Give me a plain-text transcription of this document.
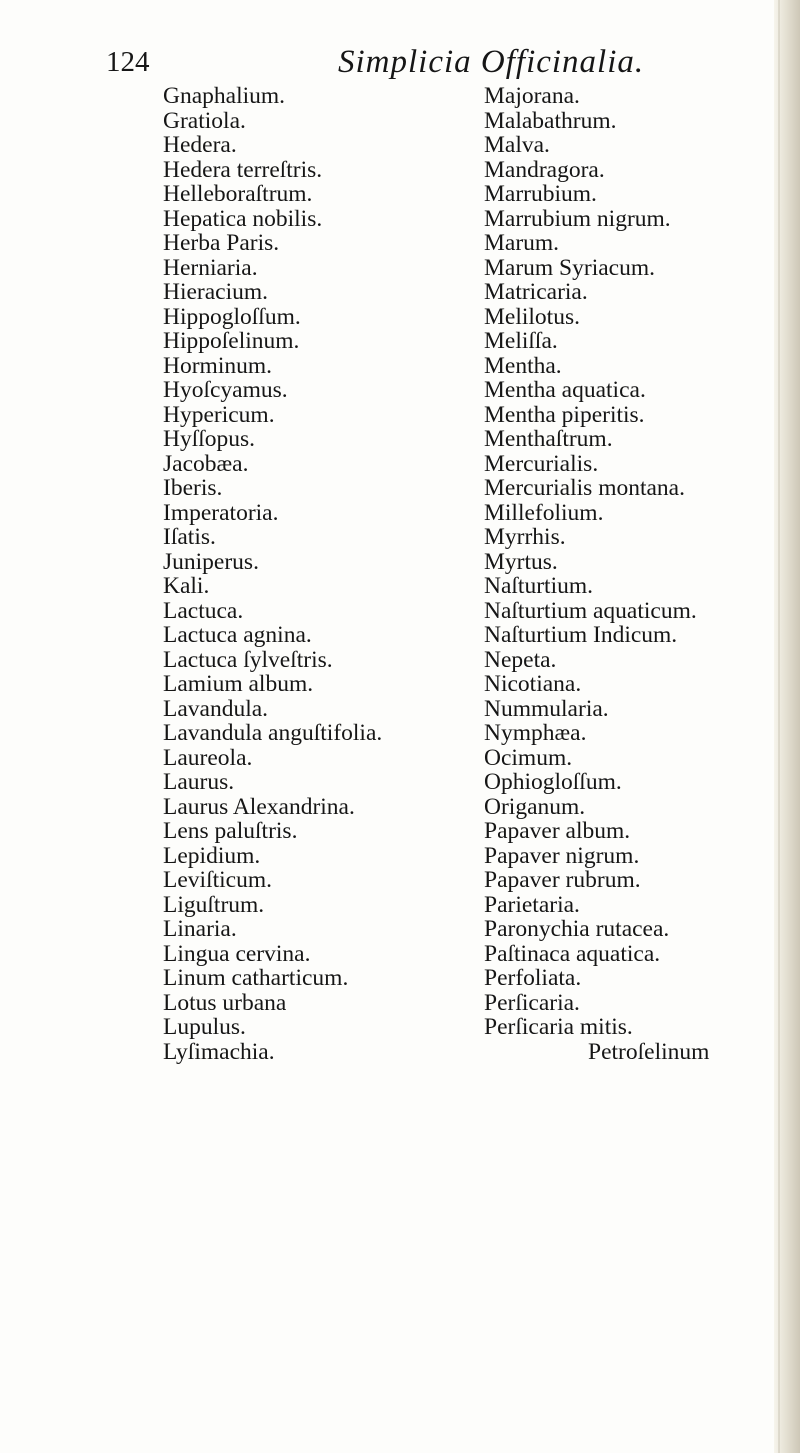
124	Simplicia Officinalia.
Gnaphalium.
Gratiola.
Hedera.
Hedera terreſtris.
Helleboraſtrum.
Hepatica nobilis.
Herba Paris.
Herniaria.
Hieracium.
Hippogloſſum.
Hippoſelinum.
Horminum.
Hyoſcyamus.
Hypericum.
Hyſſopus.
Jacobæa.
Iberis.
Imperatoria.
Iſatis.
Juniperus.
Kali.
Lactuca.
Lactuca agnina.
Lactuca ſylveſtris.
Lamium album.
Lavandula.
Lavandula anguſtifolia.
Laureola.
Laurus.
Laurus Alexandrina.
Lens paluſtris.
Lepidium.
Leviſticum.
Liguſtrum.
Linaria.
Lingua cervina.
Linum catharticum.
Lotus urbana
Lupulus.
Lyſimachia.
Majorana.
Malabathrum.
Malva.
Mandragora.
Marrubium.
Marrubium nigrum.
Marum.
Marum Syriacum.
Matricaria.
Melilotus.
Meliſſa.
Mentha.
Mentha aquatica.
Mentha piperitis.
Menthaſtrum.
Mercurialis.
Mercurialis montana.
Millefolium.
Myrrhis.
Myrtus.
Naſturtium.
Naſturtium aquaticum.
Naſturtium Indicum.
Nepeta.
Nicotiana.
Nummularia.
Nymphæa.
Ocimum.
Ophiogloſſum.
Origanum.
Papaver album.
Papaver nigrum.
Papaver rubrum.
Parietaria.
Paronychia rutacea.
Paſtinaca aquatica.
Perfoliata.
Perſicaria.
Perſicaria mitis.
Petroſelinum
